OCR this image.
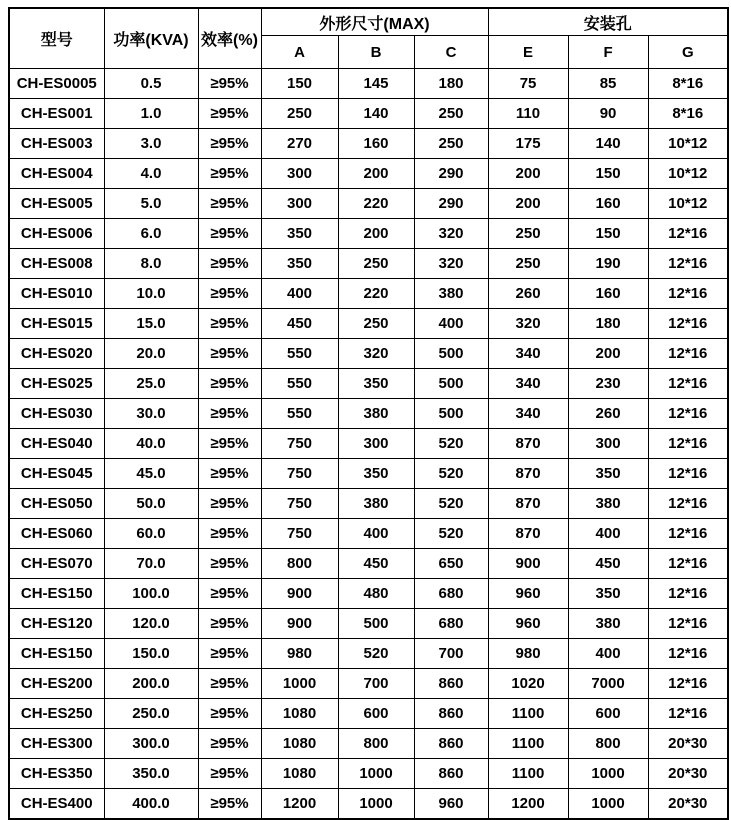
型号	功率(KVA)	效率(%)	外形尺寸(MAX)			安装孔		
			A	B	C	E	F	G
CH-ES0005	0.5	≥95%	150	145	180	75	85	8*16
CH-ES001	1.0	≥95%	250	140	250	110	90	8*16
CH-ES003	3.0	≥95%	270	160	250	175	140	10*12
CH-ES004	4.0	≥95%	300	200	290	200	150	10*12
CH-ES005	5.0	≥95%	300	220	290	200	160	10*12
CH-ES006	6.0	≥95%	350	200	320	250	150	12*16
CH-ES008	8.0	≥95%	350	250	320	250	190	12*16
CH-ES010	10.0	≥95%	400	220	380	260	160	12*16
CH-ES015	15.0	≥95%	450	250	400	320	180	12*16
CH-ES020	20.0	≥95%	550	320	500	340	200	12*16
CH-ES025	25.0	≥95%	550	350	500	340	230	12*16
CH-ES030	30.0	≥95%	550	380	500	340	260	12*16
CH-ES040	40.0	≥95%	750	300	520	870	300	12*16
CH-ES045	45.0	≥95%	750	350	520	870	350	12*16
CH-ES050	50.0	≥95%	750	380	520	870	380	12*16
CH-ES060	60.0	≥95%	750	400	520	870	400	12*16
CH-ES070	70.0	≥95%	800	450	650	900	450	12*16
CH-ES150	100.0	≥95%	900	480	680	960	350	12*16
CH-ES120	120.0	≥95%	900	500	680	960	380	12*16
CH-ES150	150.0	≥95%	980	520	700	980	400	12*16
CH-ES200	200.0	≥95%	1000	700	860	1020	7000	12*16
CH-ES250	250.0	≥95%	1080	600	860	1100	600	12*16
CH-ES300	300.0	≥95%	1080	800	860	1100	800	20*30
CH-ES350	350.0	≥95%	1080	1000	860	1100	1000	20*30
CH-ES400	400.0	≥95%	1200	1000	960	1200	1000	20*30
